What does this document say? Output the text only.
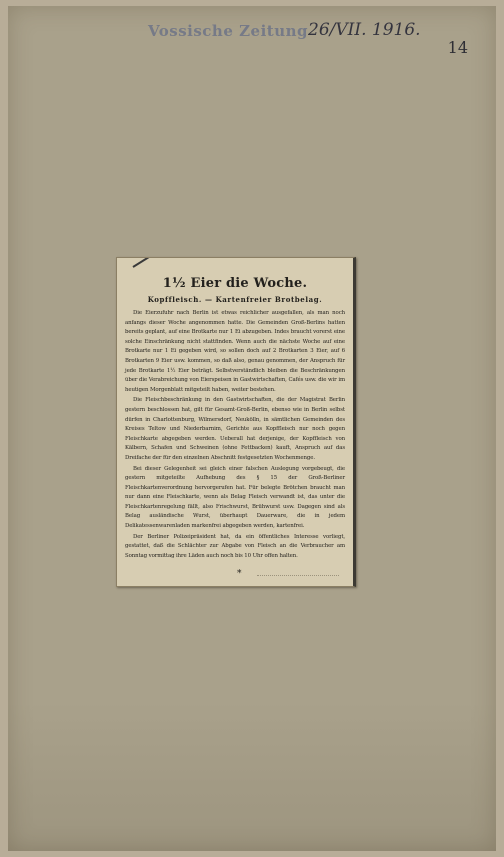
Vossische Zeitung 26/VII. 1916.
14
1½ Eier die Woche.
Kopffleisch. — Kartenfreier Brotbelag.

Die Eierzufuhr nach Berlin ist etwas reichlicher ausgefallen, als man noch anfangs dieser Woche angenommen hatte. Die Gemeinden Groß-Berlins hatten bereits geplant, auf eine Brotkarte nur 1 Ei abzugeben. Indes braucht vorerst eine solche Einschränkung nicht stattfinden. Wenn auch die nächste Woche auf eine Brotkarte nur 1 Ei gegeben wird, so sollen doch auf 2 Brotkarten 3 Eier, auf 6 Brotkarten 9 Eier usw. kommen, so daß also, genau genommen, der Anspruch für jede Brotkarte 1½ Eier beträgt. Selbstverständlich bleiben die Beschränkungen über die Verabreichung von Eierspeisen in Gastwirtschaften, Cafés usw. die wir im heutigen Morgenblatt mitgeteilt haben, weiter bestehen.

Die Fleischbeschränkung in den Gastwirtschaften, die der Magistrat Berlin gestern beschlossen hat, gilt für Gesamt-Groß-Berlin, ebenso wie in Berlin selbst dürfen in Charlottenburg, Wilmersdorf, Neukölln, in sämtlichen Gemeinden des Kreises Teltow und Niederbarnim, Gerichte aus Kopffleisch nur noch gegen Fleischkarte abgegeben werden. Ueberall hat derjenige, der Kopffleisch von Kälbern, Schafen und Schweinen (ohne Fettbacken) kauft, Anspruch auf das Dreifache der für den einzelnen Abschnitt festgesetzten Wochenmenge.

Bei dieser Gelegenheit sei gleich einer falschen Auslegung vorgebeugt, die gestern mitgeteilte Aufhebung des § 15 der Groß-Berliner Fleischkartenverordnung hervorgerufen hat. Für belegte Brötchen braucht man nur dann eine Fleischkarte, wenn als Belag Fleisch verwandt ist, das unter die Fleischkartenregelung fällt, also Frischwurst, Brühwurst usw. Dagegen sind als Belag ausländische Wurst, überhaupt Dauerware, die in jedem Delikatessenwarenladen markenfrei abgegeben werden, kartenfrei.

Der Berliner Polizeipräsident hat, da ein öffentliches Interesse vorliegt, gestattet, daß die Schlächter zur Abgabe von Fleisch an die Verbraucher am Sonntag vormittag ihre Läden auch noch bis 10 Uhr offen halten.

*
